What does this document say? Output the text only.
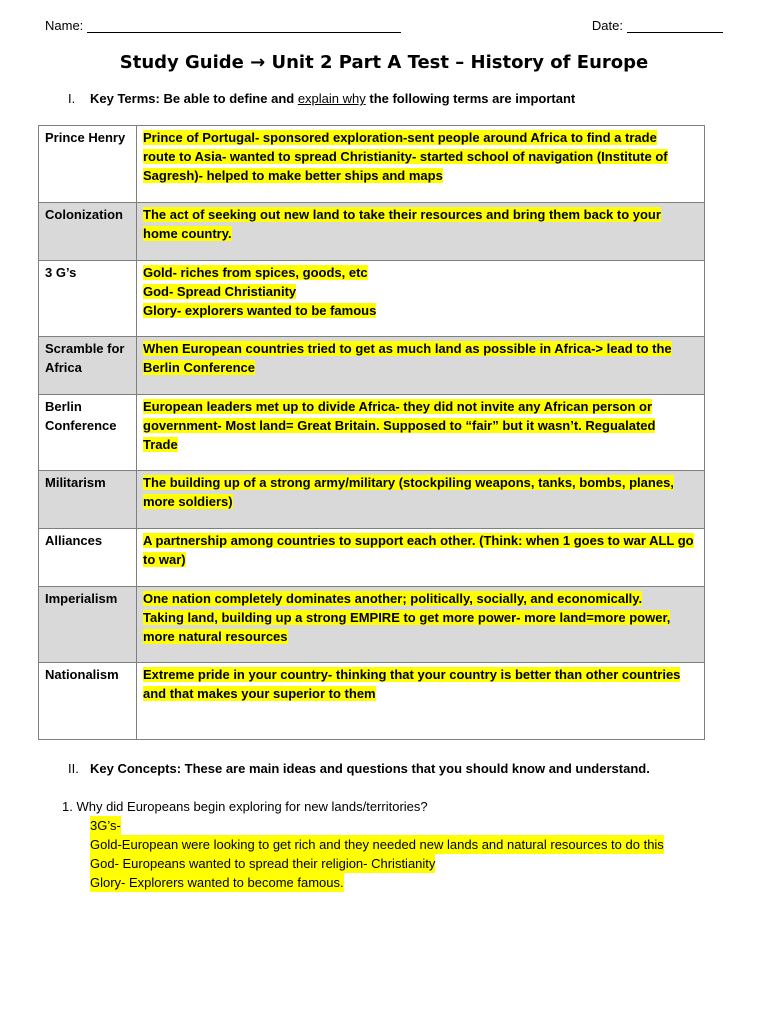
Name:	Date:
Study Guide → Unit 2 Part A Test – History of Europe
I. Key Terms: Be able to define and explain why the following terms are important
Prince Henry	Prince of Portugal- sponsored exploration-sent people around Africa to find a trade
route to Asia- wanted to spread Christianity- started school of navigation (Institute of
Sagresh)- helped to make better ships and maps
Colonization	The act of seeking out new land to take their resources and bring them back to your
home country.
3 G’s	Gold- riches from spices, goods, etc
God- Spread Christianity
Glory- explorers wanted to be famous
Scramble for Africa	When European countries tried to get as much land as possible in Africa-> lead to the
Berlin Conference
Berlin Conference	European leaders met up to divide Africa- they did not invite any African person or
government- Most land= Great Britain. Supposed to “fair” but it wasn’t. Regualated
Trade
Militarism	The building up of a strong army/military (stockpiling weapons, tanks, bombs, planes,
more soldiers)
Alliances	A partnership among countries to support each other. (Think: when 1 goes to war ALL go
to war)
Imperialism	One nation completely dominates another; politically, socially, and economically.
Taking land, building up a strong EMPIRE to get more power- more land=more power,
more natural resources
Nationalism	Extreme pride in your country- thinking that your country is better than other countries
and that makes your superior to them
II. Key Concepts: These are main ideas and questions that you should know and understand.
1. Why did Europeans begin exploring for new lands/territories?
3G’s-
Gold-European were looking to get rich and they needed new lands and natural resources to do this
God- Europeans wanted to spread their religion- Christianity
Glory- Explorers wanted to become famous.
